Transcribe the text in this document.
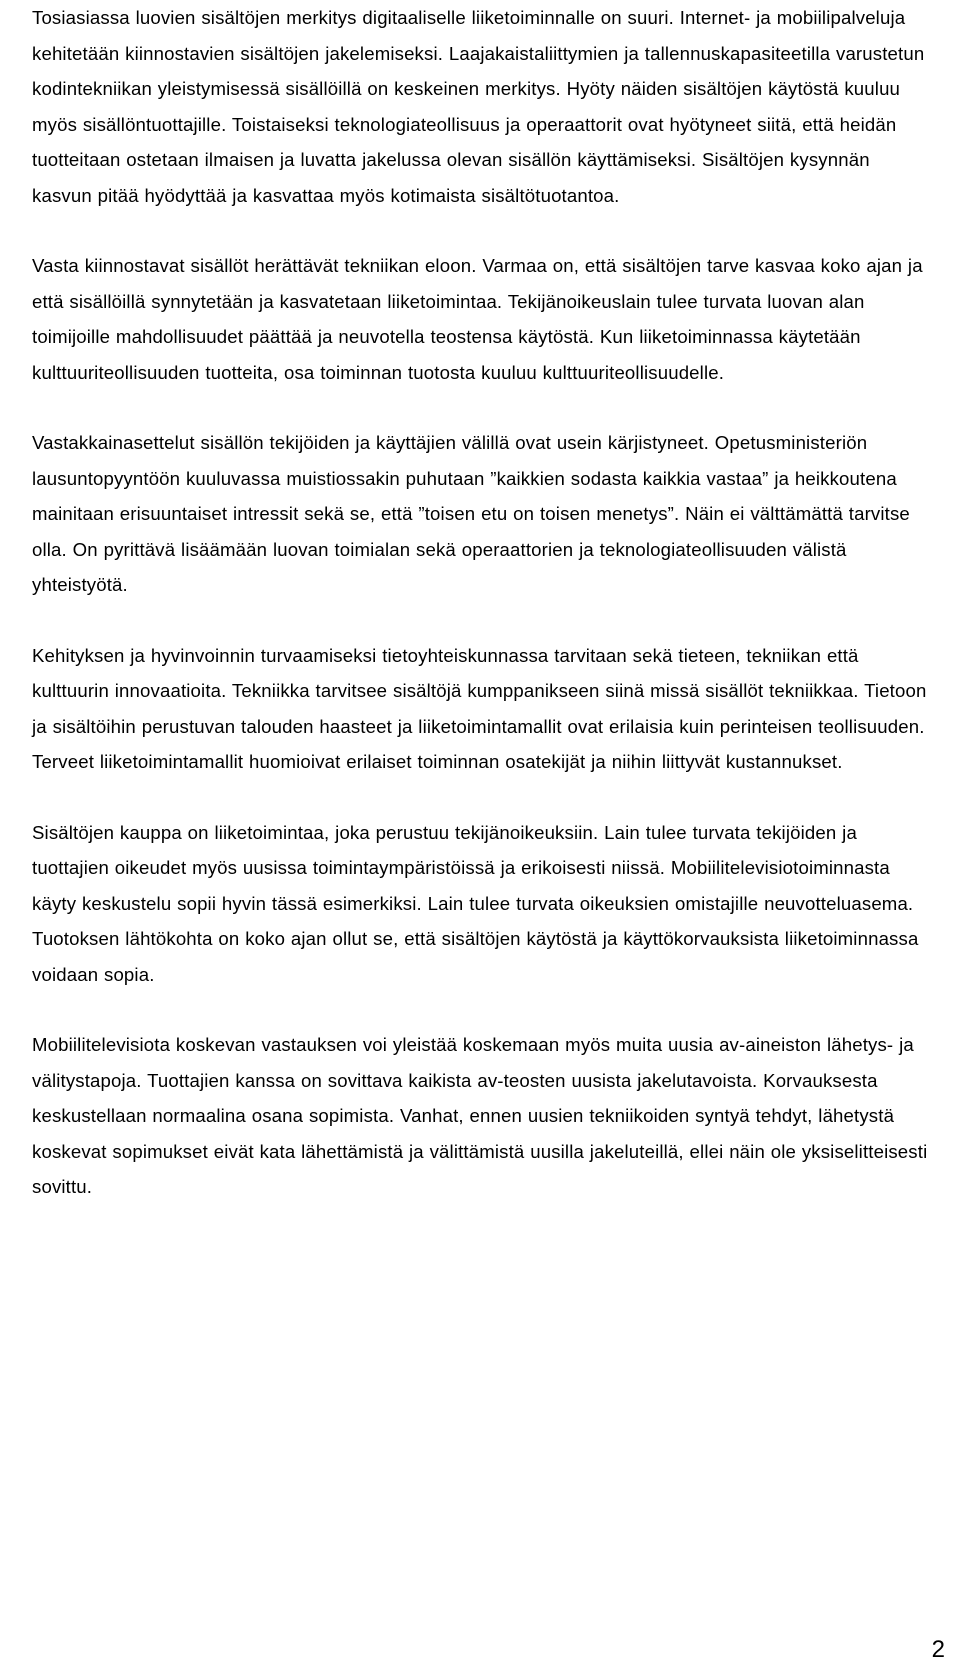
Tosiasiassa luovien sisältöjen merkitys digitaaliselle liiketoiminnalle on suuri. Internet- ja mobiilipalveluja kehitetään kiinnostavien sisältöjen jakelemiseksi. Laajakaistaliittymien ja tallennuskapasiteetilla varustetun kodintekniikan yleistymisessä sisällöillä on keskeinen merkitys. Hyöty näiden sisältöjen käytöstä kuuluu myös sisällöntuottajille. Toistaiseksi teknologiateollisuus ja operaattorit ovat hyötyneet siitä, että heidän tuotteitaan ostetaan ilmaisen ja luvatta jakelussa olevan sisällön käyttämiseksi. Sisältöjen kysynnän kasvun pitää hyödyttää ja kasvattaa myös kotimaista sisältötuotantoa.

Vasta kiinnostavat sisällöt herättävät tekniikan eloon. Varmaa on, että sisältöjen tarve kasvaa koko ajan ja että sisällöillä synnytetään ja kasvatetaan liiketoimintaa. Tekijänoikeuslain tulee turvata luovan alan toimijoille mahdollisuudet päättää ja neuvotella teostensa käytöstä. Kun liiketoiminnassa käytetään kulttuuriteollisuuden tuotteita, osa toiminnan tuotosta kuuluu kulttuuriteollisuudelle.

Vastakkainasettelut sisällön tekijöiden ja käyttäjien välillä ovat usein kärjistyneet. Opetusministeriön lausuntopyyntöön kuuluvassa muistiossakin puhutaan ”kaikkien sodasta kaikkia vastaa” ja heikkoutena mainitaan erisuuntaiset intressit sekä se, että ”toisen etu on toisen menetys”. Näin ei välttämättä tarvitse olla. On pyrittävä lisäämään luovan toimialan sekä operaattorien ja teknologiateollisuuden välistä yhteistyötä.

Kehityksen ja hyvinvoinnin turvaamiseksi tietoyhteiskunnassa tarvitaan sekä tieteen, tekniikan että kulttuurin innovaatioita. Tekniikka tarvitsee sisältöjä kumppanikseen siinä missä sisällöt tekniikkaa. Tietoon ja sisältöihin perustuvan talouden haasteet ja liiketoimintamallit ovat erilaisia kuin perinteisen teollisuuden. Terveet liiketoimintamallit huomioivat erilaiset toiminnan osatekijät ja niihin liittyvät kustannukset.

Sisältöjen kauppa on liiketoimintaa, joka perustuu tekijänoikeuksiin. Lain tulee turvata tekijöiden ja tuottajien oikeudet myös uusissa toimintaympäristöissä ja erikoisesti niissä. Mobiilitelevisiotoiminnasta käyty keskustelu sopii hyvin tässä esimerkiksi. Lain tulee turvata oikeuksien omistajille neuvotteluasema. Tuotoksen lähtökohta on koko ajan ollut se, että sisältöjen käytöstä ja käyttökorvauksista liiketoiminnassa voidaan sopia.

Mobiilitelevisiota koskevan vastauksen voi yleistää koskemaan myös muita uusia av-aineiston lähetys- ja välitystapoja. Tuottajien kanssa on sovittava kaikista av-teosten uusista jakelutavoista. Korvauksesta keskustellaan normaalina osana sopimista. Vanhat, ennen uusien tekniikoiden syntyä tehdyt, lähetystä koskevat sopimukset eivät kata lähettämistä ja välittämistä uusilla jakeluteillä, ellei näin ole yksiselitteisesti sovittu.

2
